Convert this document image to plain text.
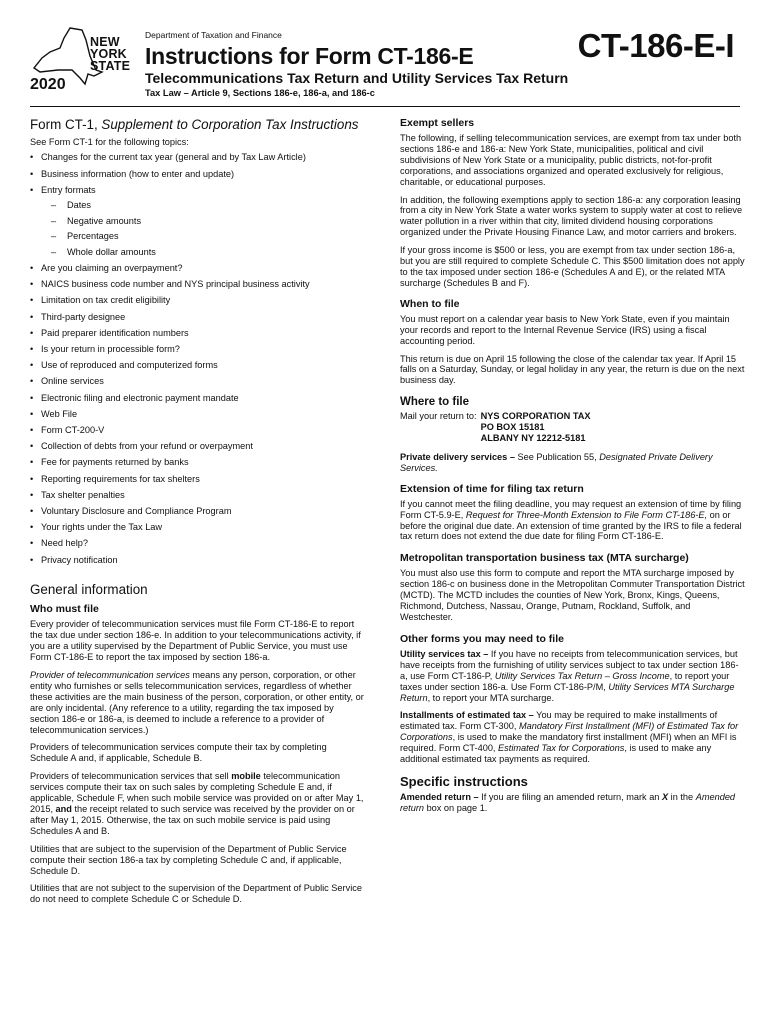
NEW
YORK
STATE
2020
Department of Taxation and Finance
Instructions for Form CT-186-E	CT-186-E-I
Telecommunications Tax Return and Utility Services Tax Return
Tax Law – Article 9, Sections 186-e, 186-a, and 186-c
Form CT-1, Supplement to Corporation Tax Instructions

See Form CT-1 for the following topics:

• Changes for the current tax year (general and by Tax Law Article)
• Business information (how to enter and update)
• Entry formats
– Dates
– Negative amounts
– Percentages
– Whole dollar amounts
• Are you claiming an overpayment?
• NAICS business code number and NYS principal business activity
• Limitation on tax credit eligibility
• Third-party designee
• Paid preparer identification numbers
• Is your return in processible form?
• Use of reproduced and computerized forms
• Online services
• Electronic filing and electronic payment mandate
• Web File
• Form CT-200-V
• Collection of debts from your refund or overpayment
• Fee for payments returned by banks
• Reporting requirements for tax shelters
• Tax shelter penalties
• Voluntary Disclosure and Compliance Program
• Your rights under the Tax Law
• Need help?
• Privacy notification
General information
Who must file

Every provider of telecommunication services must file Form CT-186-E to report the tax due under section 186-e. In addition to your telecommunications activity, if you are a utility supervised by the Department of Public Service, you must use Form CT-186-E to report the tax imposed by section 186-a.

Provider of telecommunication services means any person, corporation, or other entity who furnishes or sells telecommunication services, regardless of whether these activities are the main business of the person, corporation, or other entity, or are only incidental. (Any reference to a utility, regarding the tax imposed by section 186-e or 186-a, is deemed to include a reference to a provider of telecommunication services.)

Providers of telecommunication services compute their tax by completing Schedule A and, if applicable, Schedule B.

Providers of telecommunication services that sell mobile telecommunication services compute their tax on such sales by completing Schedule E and, if applicable, Schedule F, when such mobile service was provided on or after May 1, 2015, and the receipt related to such service was received by the provider on or after May 1, 2015. Otherwise, the tax on such mobile service is paid using Schedules A and B.

Utilities that are subject to the supervision of the Department of Public Service compute their section 186-a tax by completing Schedule C and, if applicable, Schedule D.

Utilities that are not subject to the supervision of the Department of Public Service do not need to complete Schedule C or Schedule D.

Exempt sellers

The following, if selling telecommunication services, are exempt from tax under both sections 186-e and 186-a: New York State, municipalities, political and civil subdivisions of New York State or a municipality, public districts, not-for-profit corporations, and associations organized and operated exclusively for religious, charitable, or educational purposes.

In addition, the following exemptions apply to section 186-a: any corporation leasing from a city in New York State a water works system to supply water at cost to relieve water pollution in a river within that city, limited dividend housing corporations organized under the Private Housing Finance Law, and motor carriers and brokers.

If your gross income is $500 or less, you are exempt from tax under section 186-a, but you are still required to complete Schedule C. This $500 limitation does not apply to the tax imposed under section 186-e (Schedules A and E), or the related MTA surcharge (Schedules B and F).

When to file

You must report on a calendar year basis to New York State, even if you maintain your records and report to the Internal Revenue Service (IRS) using a fiscal accounting period.

This return is due on April 15 following the close of the calendar tax year. If April 15 falls on a Saturday, Sunday, or legal holiday in any year, the return is due on the next business day.

Where to file
Mail your return to: NYS CORPORATION TAX
PO BOX 15181
ALBANY NY 12212-5181

Private delivery services – See Publication 55, Designated Private Delivery Services.

Extension of time for filing tax return

If you cannot meet the filing deadline, you may request an extension of time by filing Form CT-5.9-E, Request for Three-Month Extension to File Form CT-186-E, on or before the original due date. An extension of time granted by the IRS to file a federal tax return does not extend the due date for filing Form CT-186-E.

Metropolitan transportation business tax (MTA surcharge)

You must also use this form to compute and report the MTA surcharge imposed by section 186-c on business done in the Metropolitan Commuter Transportation District (MCTD). The MCTD includes the counties of New York, Bronx, Kings, Queens, Richmond, Dutchess, Nassau, Orange, Putnam, Rockland, Suffolk, and Westchester.

Other forms you may need to file

Utility services tax – If you have no receipts from telecommunication services, but have receipts from the furnishing of utility services subject to tax under section 186-a, use Form CT-186-P, Utility Services Tax Return – Gross Income, to report your taxes under section 186-a. Use Form CT-186-P/M, Utility Services MTA Surcharge Return, to report your MTA surcharge.

Installments of estimated tax – You may be required to make installments of estimated tax. Form CT-300, Mandatory First Installment (MFI) of Estimated Tax for Corporations, is used to make the mandatory first installment (MFI) when an MFI is required. Form CT-400, Estimated Tax for Corporations, is used to make any additional estimated tax payments as required.

Specific instructions

Amended return – If you are filing an amended return, mark an X in the Amended return box on page 1.
